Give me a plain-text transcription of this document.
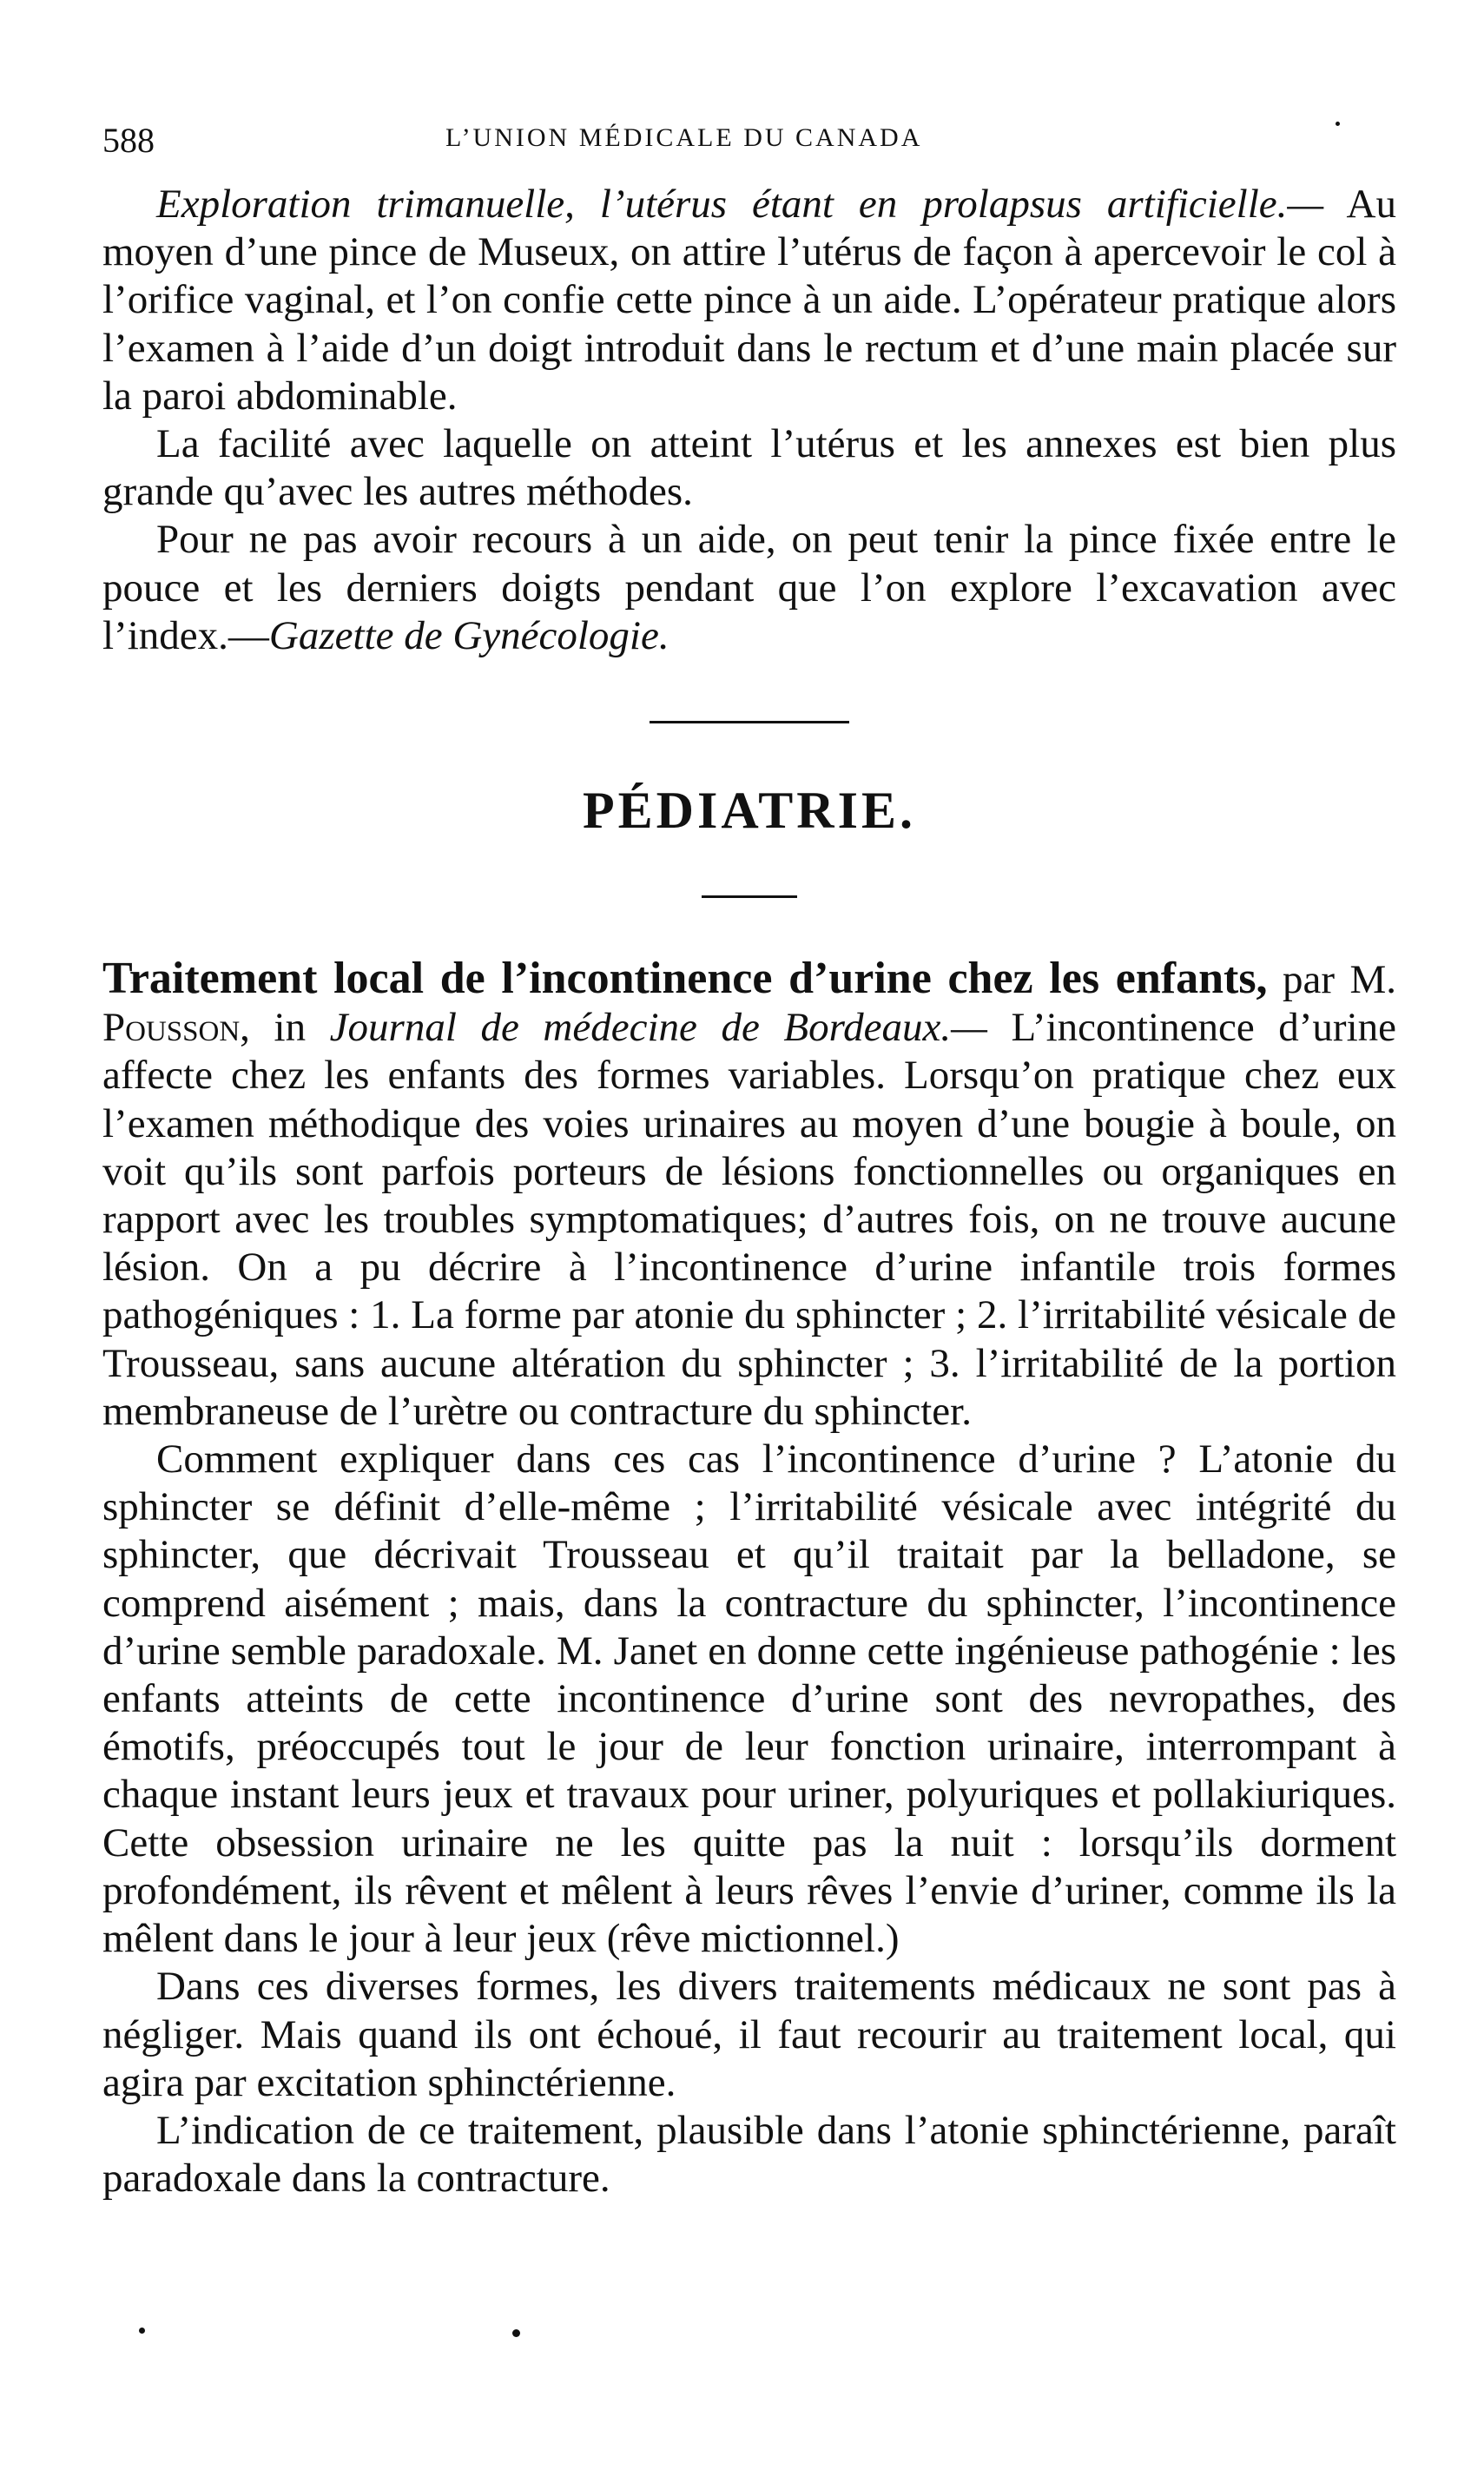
588	L’UNION MÉDICALE DU CANADA

Exploration trimanuelle, l’utérus étant en prolapsus artificielle.— Au moyen d’une pince de Museux, on attire l’utérus de façon à apercevoir le col à l’orifice vaginal, et l’on confie cette pince à un aide. L’opérateur pratique alors l’examen à l’aide d’un doigt introduit dans le rectum et d’une main placée sur la paroi abdominable.

La facilité avec laquelle on atteint l’utérus et les annexes est bien plus grande qu’avec les autres méthodes.

Pour ne pas avoir recours à un aide, on peut tenir la pince fixée entre le pouce et les derniers doigts pendant que l’on explore l’excavation avec l’index.—Gazette de Gynécologie.

PÉDIATRIE.

Traitement local de l’incontinence d’urine chez les enfants, par M. Pousson, in Journal de médecine de Bordeaux.— L’incontinence d’urine affecte chez les enfants des formes variables. Lorsqu’on pratique chez eux l’examen méthodique des voies urinaires au moyen d’une bougie à boule, on voit qu’ils sont parfois porteurs de lésions fonctionnelles ou organiques en rapport avec les troubles symptomatiques; d’autres fois, on ne trouve aucune lésion. On a pu décrire à l’incontinence d’urine infantile trois formes pathogéniques : 1. La forme par atonie du sphincter ; 2. l’irritabilité vésicale de Trousseau, sans aucune altération du sphincter ; 3. l’irritabilité de la portion membraneuse de l’urètre ou contracture du sphincter.

Comment expliquer dans ces cas l’incontinence d’urine ? L’atonie du sphincter se définit d’elle-même ; l’irritabilité vésicale avec intégrité du sphincter, que décrivait Trousseau et qu’il traitait par la belladone, se comprend aisément ; mais, dans la contracture du sphincter, l’incontinence d’urine semble paradoxale. M. Janet en donne cette ingénieuse pathogénie : les enfants atteints de cette incontinence d’urine sont des nevropathes, des émotifs, préoccupés tout le jour de leur fonction urinaire, interrompant à chaque instant leurs jeux et travaux pour uriner, polyuriques et pollakiuriques. Cette obsession urinaire ne les quitte pas la nuit : lorsqu’ils dorment profondément, ils rêvent et mêlent à leurs rêves l’envie d’uriner, comme ils la mêlent dans le jour à leur jeux (rêve mictionnel.)

Dans ces diverses formes, les divers traitements médicaux ne sont pas à négliger. Mais quand ils ont échoué, il faut recourir au traitement local, qui agira par excitation sphinctérienne.

L’indication de ce traitement, plausible dans l’atonie sphinctérienne, paraît paradoxale dans la contracture.
